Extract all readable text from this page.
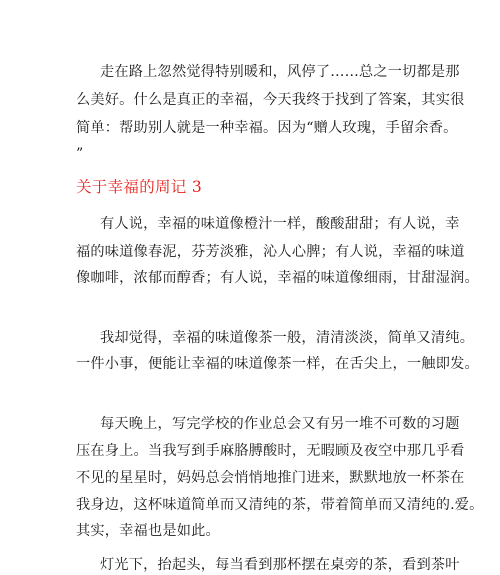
走在路上忽然觉得特别暖和，风停了……总之一切都是那
么美好。什么是真正的幸福，今天我终于找到了答案，其实很
简单：帮助别人就是一种幸福。因为“赠人玫瑰，手留余香。
”
关于幸福的周记 3
有人说，幸福的味道像橙汁一样，酸酸甜甜；有人说，幸
福的味道像春泥，芬芳淡雅，沁人心脾；有人说，幸福的味道
像咖啡，浓郁而醇香；有人说，幸福的味道像细雨，甘甜湿润。
我却觉得，幸福的味道像茶一般，清清淡淡，简单又清纯。
一件小事，便能让幸福的味道像茶一样，在舌尖上，一触即发。
每天晚上，写完学校的作业总会又有另一堆不可数的习题
压在身上。当我写到手麻胳膊酸时，无暇顾及夜空中那几乎看
不见的星星时，妈妈总会悄悄地推门进来，默默地放一杯茶在
我身边，这杯味道简单而又清纯的茶，带着简单而又清纯的.爱。
其实，幸福也是如此。
灯光下，抬起头，每当看到那杯摆在桌旁的茶，看到茶叶
